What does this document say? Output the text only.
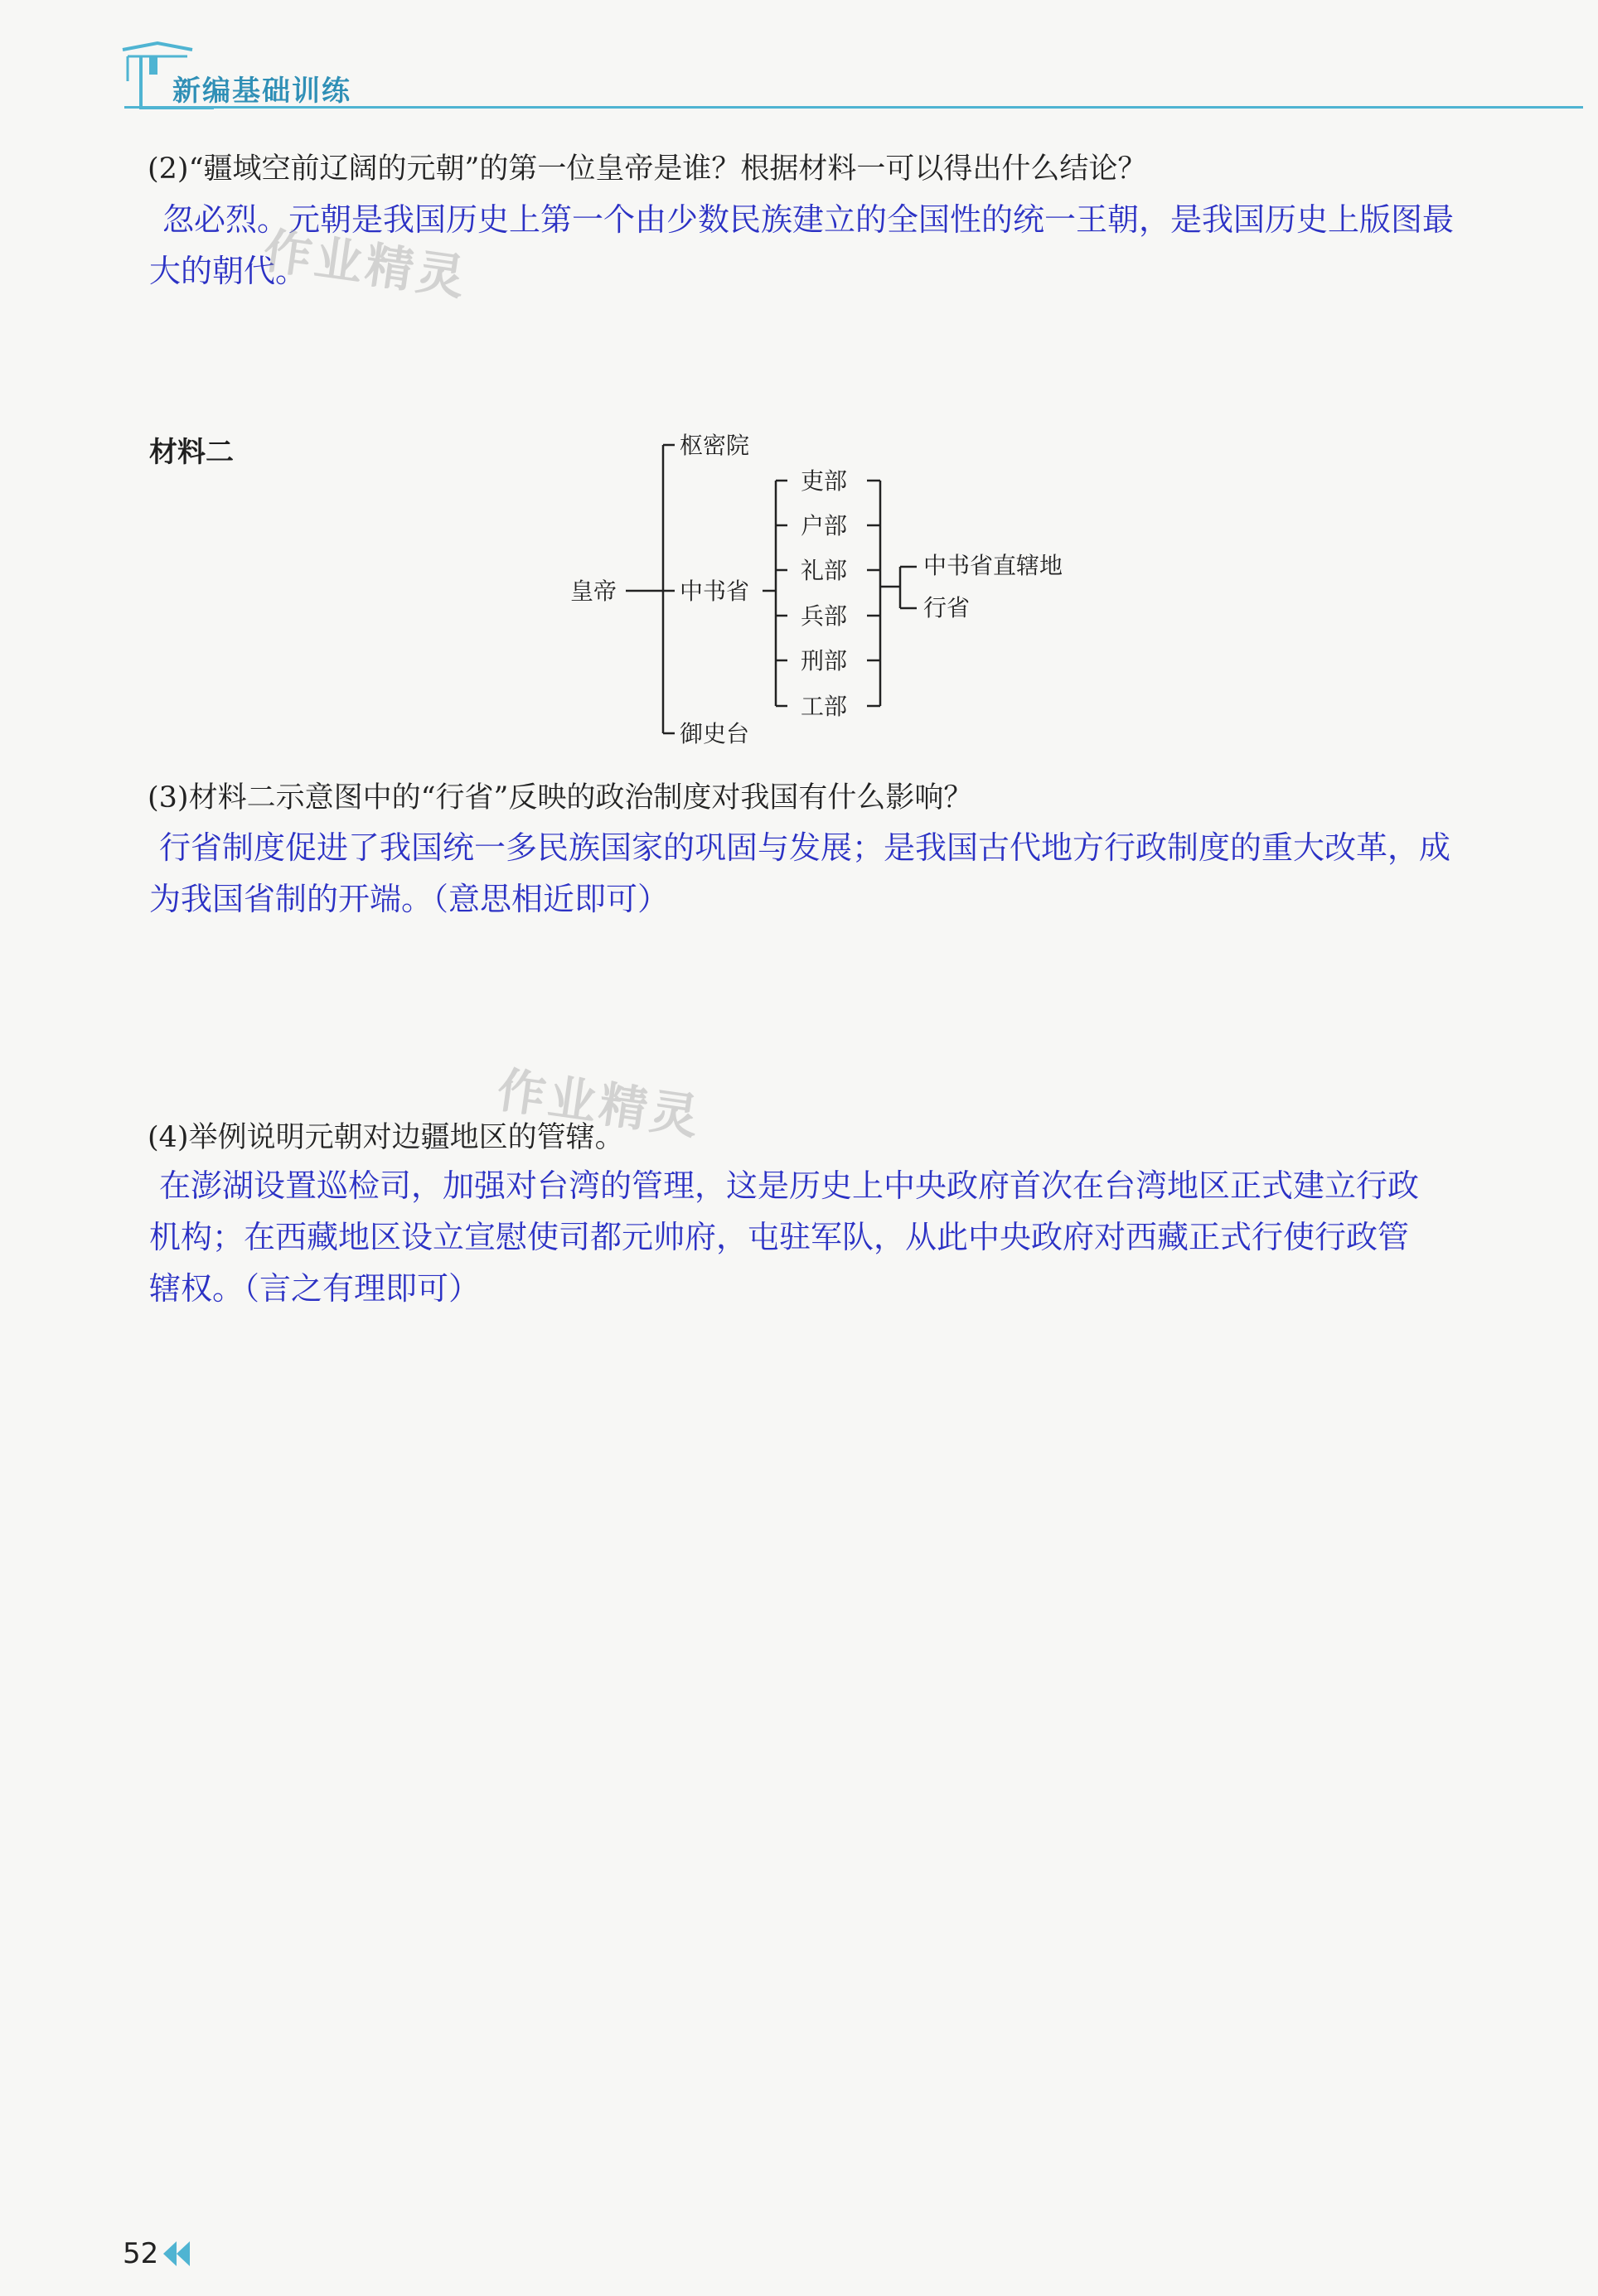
新编基础训练
(2)“疆域空前辽阔的元朝”的第一位皇帝是谁？根据材料一可以得出什么结论？
忽必烈。元朝是我国历史上第一个由少数民族建立的全国性的统一王朝，是我国历史上版图最
大的朝代。
作业精灵
材料二
皇帝
枢密院
中书省
御史台
吏部
户部
礼部
兵部
刑部
工部
中书省直辖地
行省
(3)材料二示意图中的“行省”反映的政治制度对我国有什么影响？
行省制度促进了我国统一多民族国家的巩固与发展；是我国古代地方行政制度的重大改革，成
为我国省制的开端。（意思相近即可）
作业精灵
(4)举例说明元朝对边疆地区的管辖。
在澎湖设置巡检司，加强对台湾的管理，这是历史上中央政府首次在台湾地区正式建立行政
机构；在西藏地区设立宣慰使司都元帅府，屯驻军队，从此中央政府对西藏正式行使行政管
辖权。（言之有理即可）
52
